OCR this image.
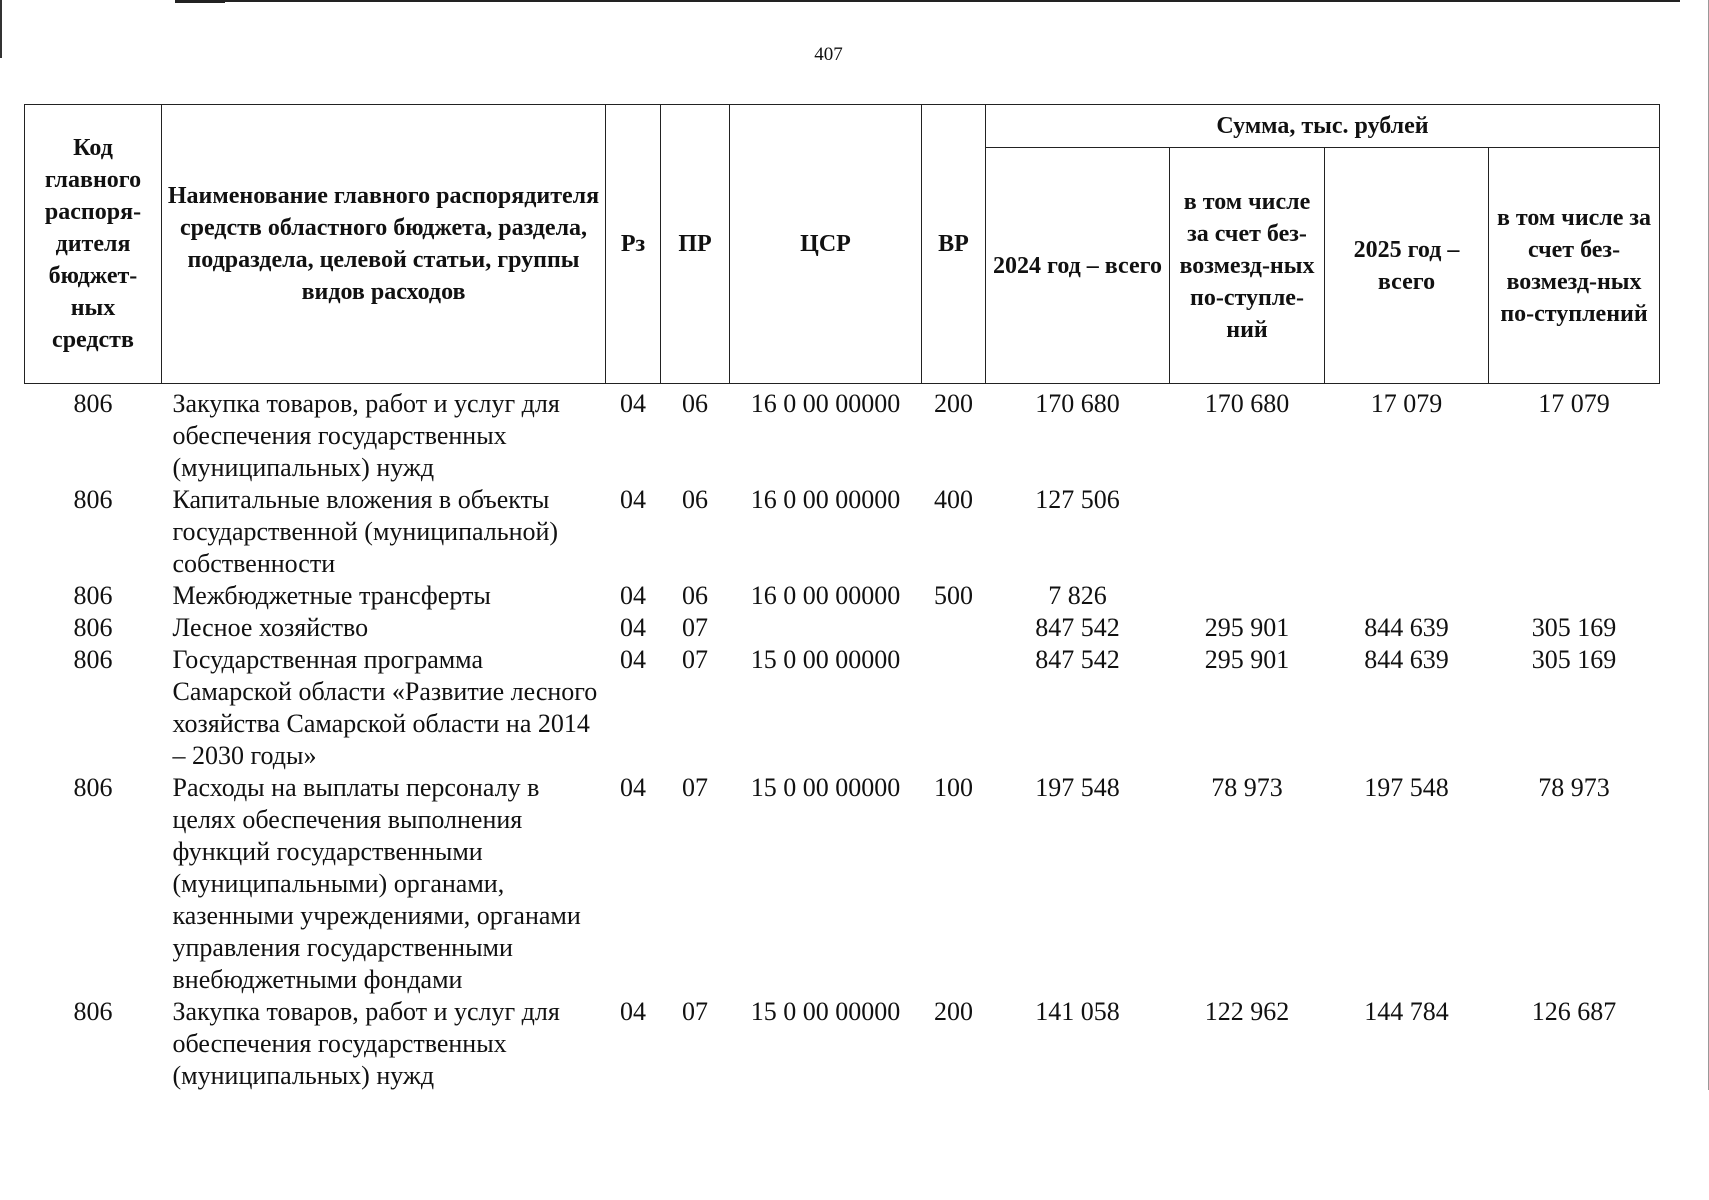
407
Код главного распоря-дителя бюджет-ных средств	Наименование главного распорядителя средств областного бюджета, раздела, подраздела, целевой статьи, группы видов расходов	Рз	ПР	ЦСР	ВР	Сумма, тыс. рублей			
						2024 год – всего	в том числе за счет без-возмезд-ных по-ступле-ний	2025 год – всего	в том числе за счет без-возмезд-ных по-ступлений
806	Закупка товаров, работ и услуг для обеспечения государственных (муниципальных) нужд	04	06	16 0 00 00000	200	170 680	170 680	17 079	17 079
806	Капитальные вложения в объекты государственной (муниципальной) собственности	04	06	16 0 00 00000	400	127 506			
806	Межбюджетные трансферты	04	06	16 0 00 00000	500	7 826			
806	Лесное хозяйство	04	07			847 542	295 901	844 639	305 169
806	Государственная программа Самарской области «Развитие лесного хозяйства Самарской области на 2014 – 2030 годы»	04	07	15 0 00 00000		847 542	295 901	844 639	305 169
806	Расходы на выплаты персоналу в целях обеспечения выполнения функций государственными (муниципальными) органами, казенными учреждениями, органами управления государственными внебюджетными фондами	04	07	15 0 00 00000	100	197 548	78 973	197 548	78 973
806	Закупка товаров, работ и услуг для обеспечения государственных (муниципальных) нужд	04	07	15 0 00 00000	200	141 058	122 962	144 784	126 687
